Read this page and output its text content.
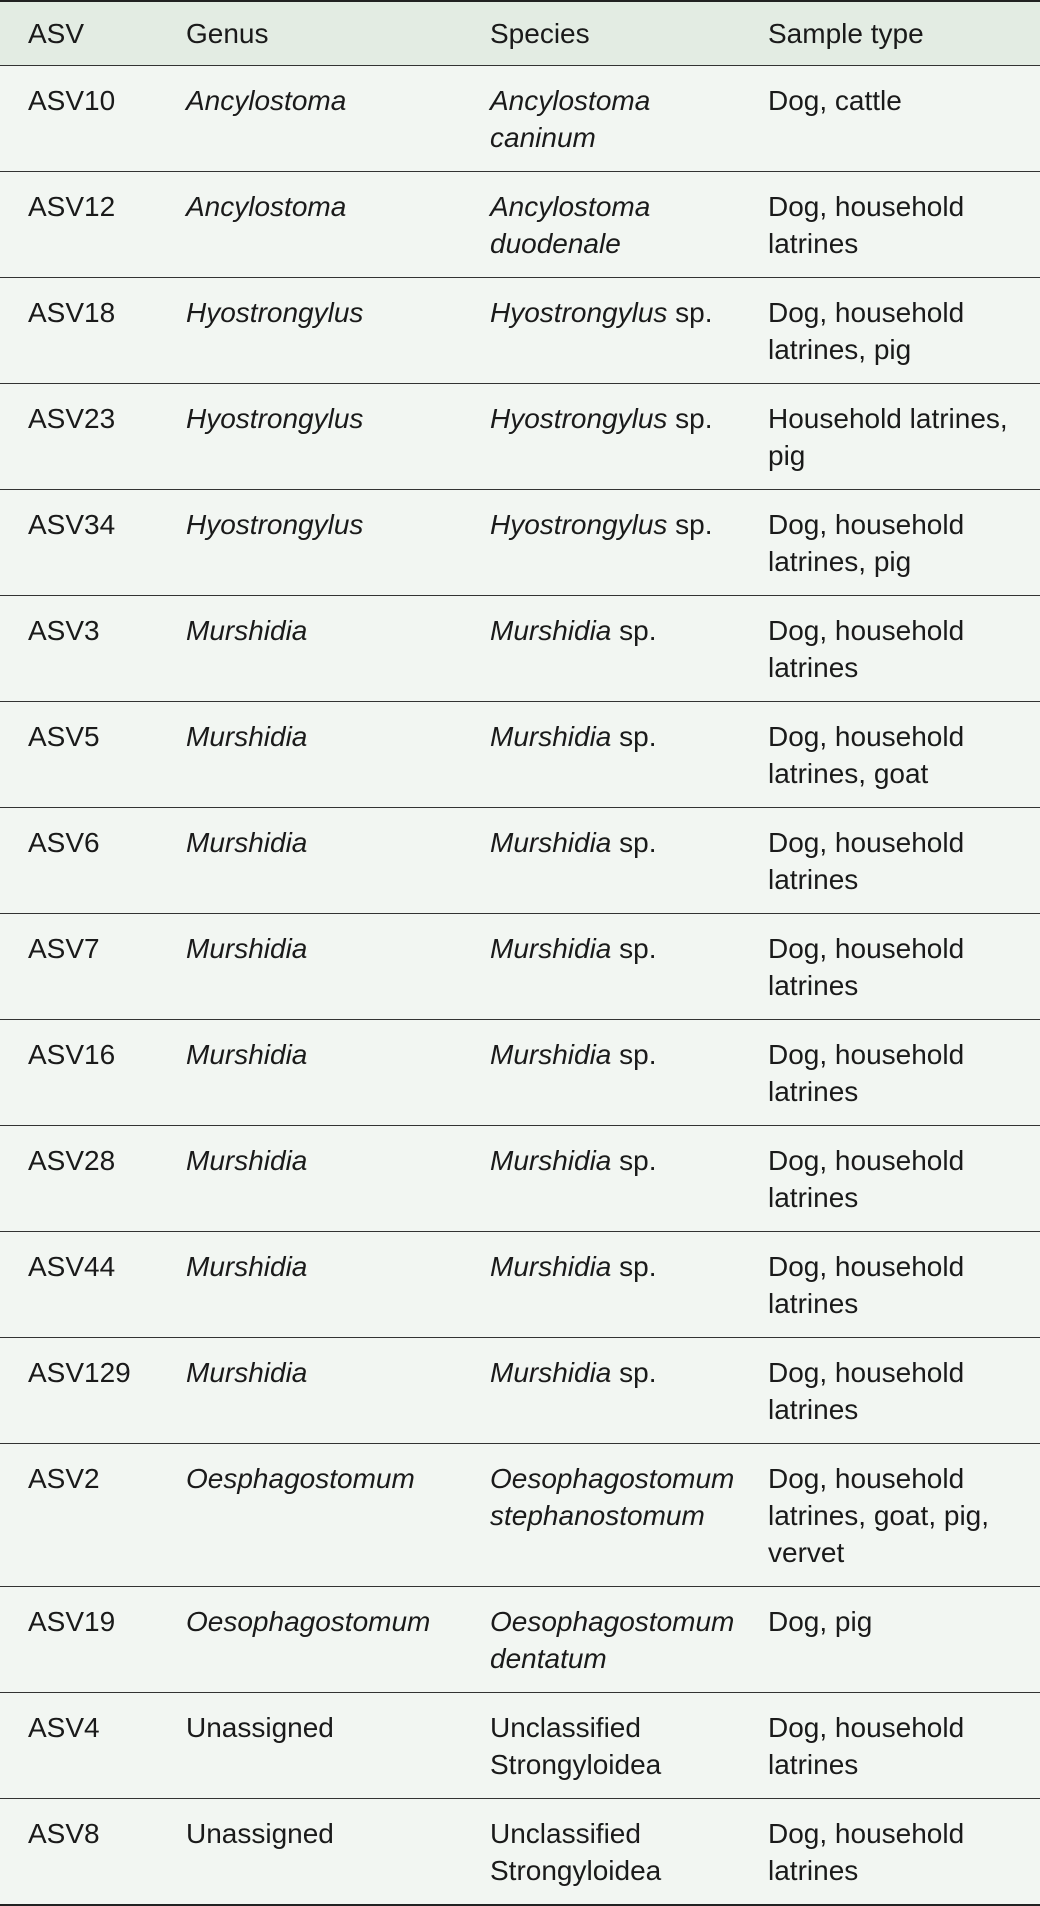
ASV	Genus	Species	Sample type
ASV10	Ancylostoma	Ancylostoma caninum	Dog, cattle
ASV12	Ancylostoma	Ancylostoma duodenale	Dog, household latrines
ASV18	Hyostrongylus	Hyostrongylus sp.	Dog, household latrines, pig
ASV23	Hyostrongylus	Hyostrongylus sp.	Household latrines, pig
ASV34	Hyostrongylus	Hyostrongylus sp.	Dog, household latrines, pig
ASV3	Murshidia	Murshidia sp.	Dog, household latrines
ASV5	Murshidia	Murshidia sp.	Dog, household latrines, goat
ASV6	Murshidia	Murshidia sp.	Dog, household latrines
ASV7	Murshidia	Murshidia sp.	Dog, household latrines
ASV16	Murshidia	Murshidia sp.	Dog, household latrines
ASV28	Murshidia	Murshidia sp.	Dog, household latrines
ASV44	Murshidia	Murshidia sp.	Dog, household latrines
ASV129	Murshidia	Murshidia sp.	Dog, household latrines
ASV2	Oesphagostomum	Oesophagostomum stephanostomum	Dog, household latrines, goat, pig, vervet
ASV19	Oesophagostomum	Oesophagostomum dentatum	Dog, pig
ASV4	Unassigned	Unclassified Strongyloidea	Dog, household latrines
ASV8	Unassigned	Unclassified Strongyloidea	Dog, household latrines
